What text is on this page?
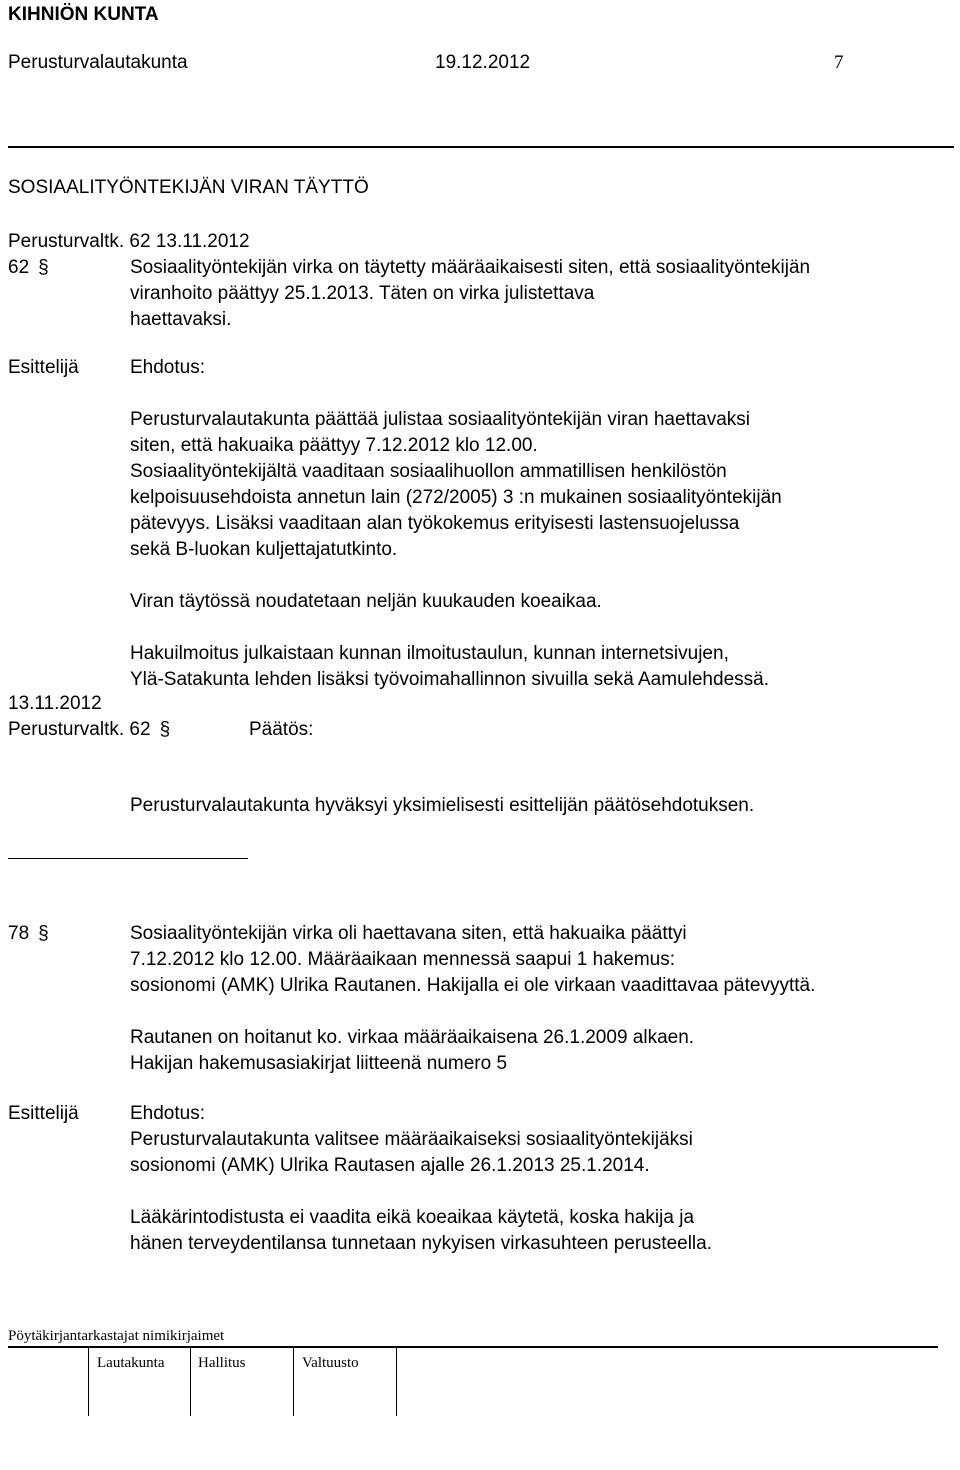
KIHNIÖN KUNTA
Perusturvalautakunta	19.12.2012	7
SOSIAALITYÖNTEKIJÄN VIRAN TÄYTTÖ
Perusturvaltk. 62 13.11.2012
62 §	Sosiaalityöntekijän virka on täytetty määräaikaisesti siten, että sosiaalityöntekijän
viranhoito päättyy 25.1.2013. Täten on virka julistettava
haettavaksi.
Esittelijä	Ehdotus:
Perusturvalautakunta päättää julistaa sosiaalityöntekijän viran haettavaksi
siten, että hakuaika päättyy 7.12.2012 klo 12.00.
Sosiaalityöntekijältä vaaditaan sosiaalihuollon ammatillisen henkilöstön
kelpoisuusehdoista annetun lain (272/2005) 3 :n mukainen sosiaalityöntekijän
pätevyys. Lisäksi vaaditaan alan työkokemus erityisesti lastensuojelussa
sekä B-luokan kuljettajatutkinto.
Viran täytössä noudatetaan neljän kuukauden koeaikaa.
Hakuilmoitus julkaistaan kunnan ilmoitustaulun, kunnan internetsivujen,
Ylä-Satakunta lehden lisäksi työvoimahallinnon sivuilla sekä Aamulehdessä.
13.11.2012
Perusturvaltk. 62 §	Päätös:
Perusturvalautakunta hyväksyi yksimielisesti esittelijän päätösehdotuksen.
78 §	Sosiaalityöntekijän virka oli haettavana siten, että hakuaika päättyi
7.12.2012 klo 12.00. Määräaikaan mennessä saapui 1 hakemus:
sosionomi (AMK) Ulrika Rautanen. Hakijalla ei ole virkaan vaadittavaa pätevyyttä.
Rautanen on hoitanut ko. virkaa määräaikaisena 26.1.2009 alkaen.
Hakijan hakemusasiakirjat liitteenä numero 5
Esittelijä	Ehdotus:
Perusturvalautakunta valitsee määräaikaiseksi sosiaalityöntekijäksi
sosionomi (AMK) Ulrika Rautasen ajalle 26.1.2013 25.1.2014.
Lääkärintodistusta ei vaadita eikä koeaikaa käytetä, koska hakija ja
hänen terveydentilansa tunnetaan nykyisen virkasuhteen perusteella.
Pöytäkirjantarkastajat nimikirjaimet
Lautakunta Hallitus	Valtuusto
